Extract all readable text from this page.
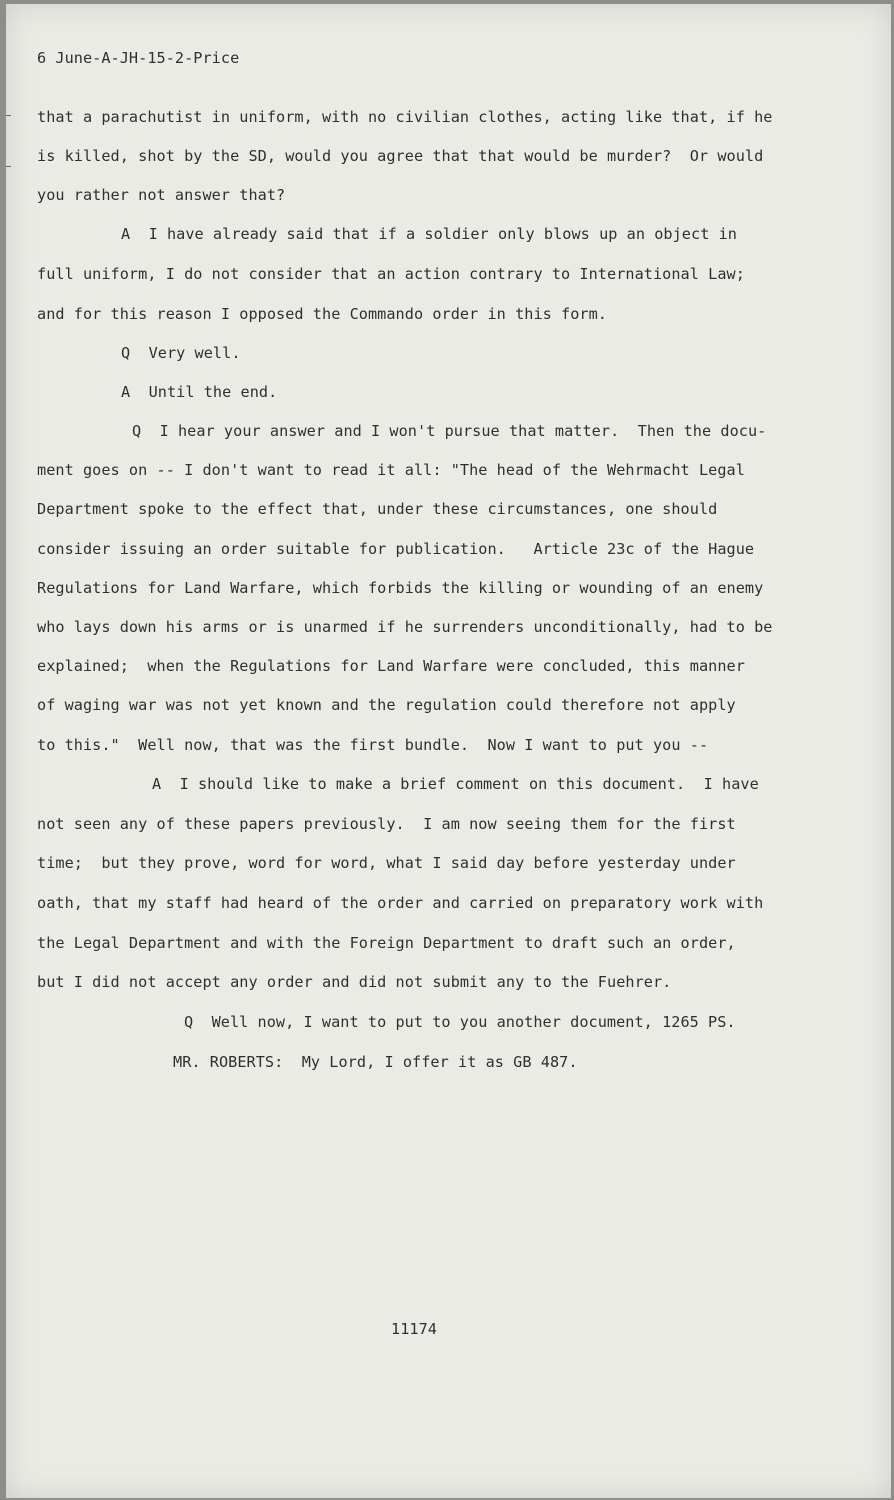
6 June-A-JH-15-2-Price
that a parachutist in uniform, with no civilian clothes, acting like that, if he
is killed, shot by the SD, would you agree that that would be murder?  Or would
you rather not answer that?
A  I have already said that if a soldier only blows up an object in
full uniform, I do not consider that an action contrary to International Law;
and for this reason I opposed the Commando order in this form.
Q  Very well.
A  Until the end.
Q  I hear your answer and I won't pursue that matter.  Then the docu-
ment goes on -- I don't want to read it all: "The head of the Wehrmacht Legal
Department spoke to the effect that, under these circumstances, one should
consider issuing an order suitable for publication.   Article 23c of the Hague
Regulations for Land Warfare, which forbids the killing or wounding of an enemy
who lays down his arms or is unarmed if he surrenders unconditionally, had to be
explained;  when the Regulations for Land Warfare were concluded, this manner
of waging war was not yet known and the regulation could therefore not apply
to this."  Well now, that was the first bundle.  Now I want to put you --
A  I should like to make a brief comment on this document.  I have
not seen any of these papers previously.  I am now seeing them for the first
time;  but they prove, word for word, what I said day before yesterday under
oath, that my staff had heard of the order and carried on preparatory work with
the Legal Department and with the Foreign Department to draft such an order,
but I did not accept any order and did not submit any to the Fuehrer.
Q  Well now, I want to put to you another document, 1265 PS.
MR. ROBERTS:  My Lord, I offer it as GB 487.
11174
